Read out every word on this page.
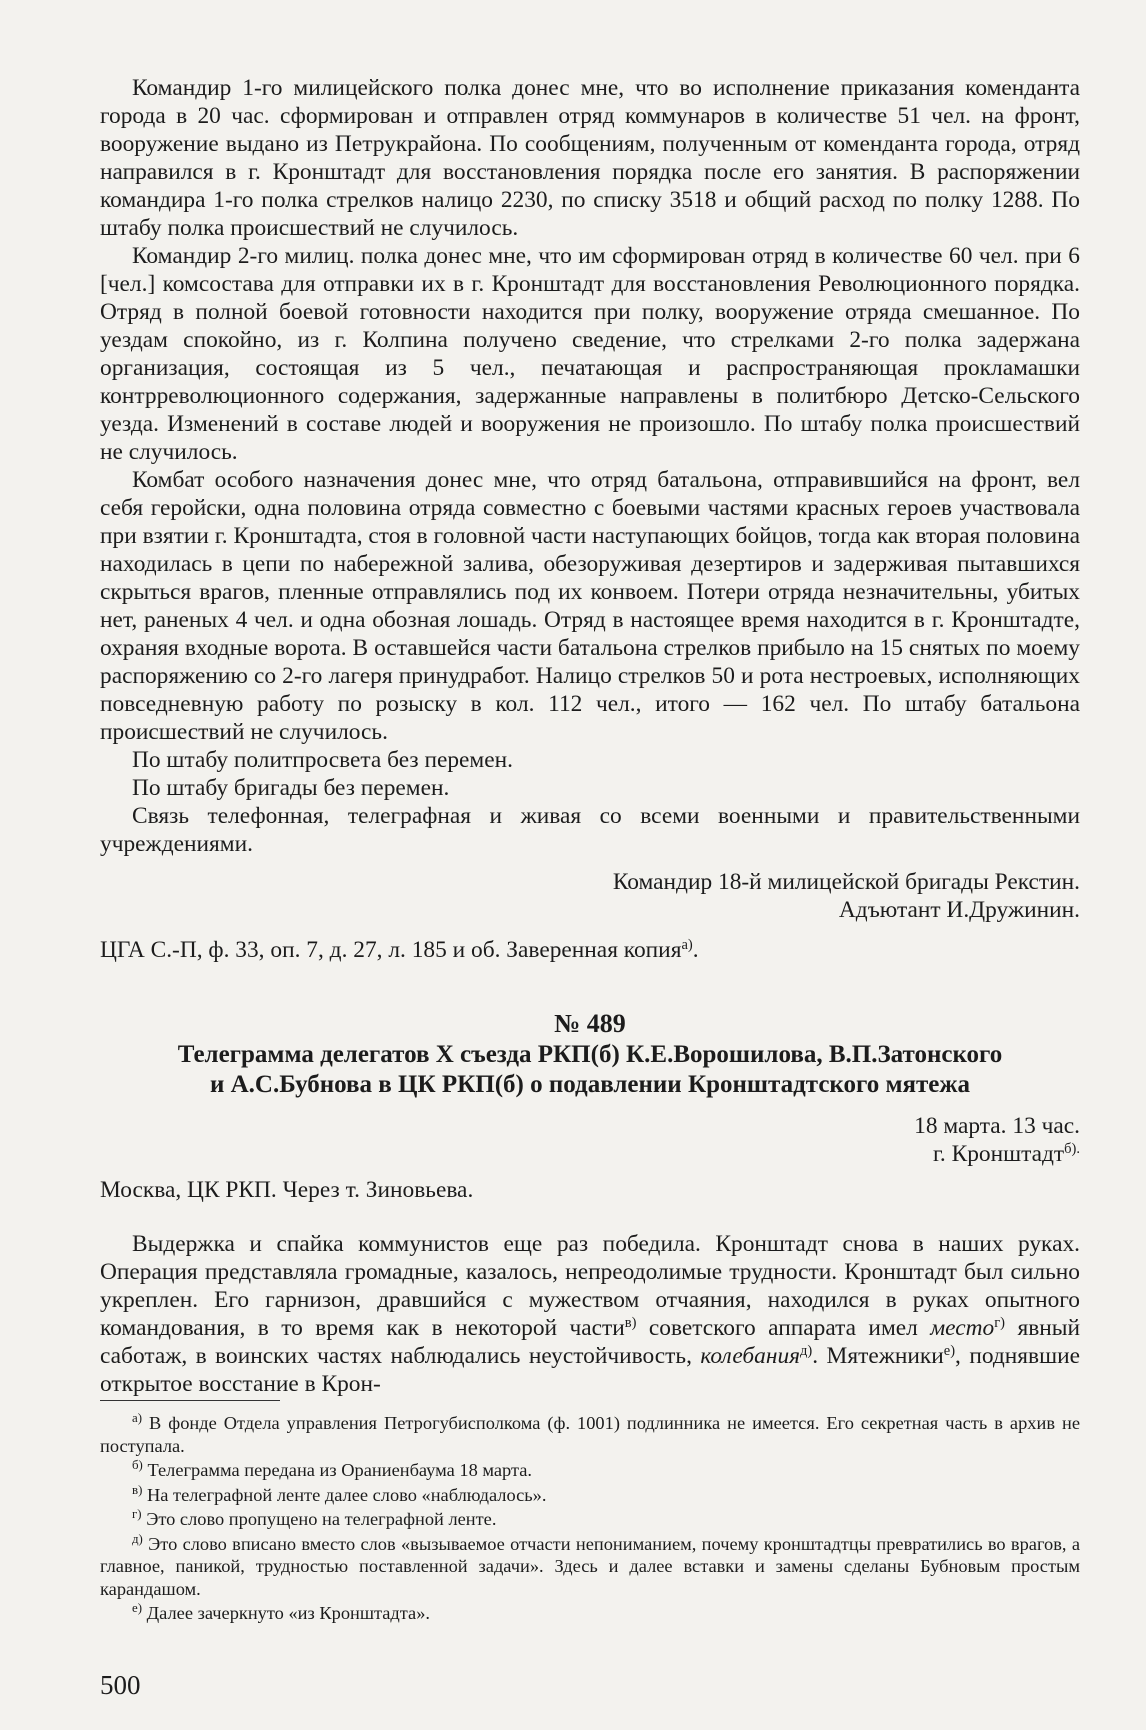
Командир 1-го милицейского полка донес мне, что во исполнение приказания коменданта города в 20 час. сформирован и отправлен отряд коммунаров в количестве 51 чел. на фронт, вооружение выдано из Петрукрайона. По сообщениям, полученным от коменданта города, отряд направился в г. Кронштадт для восстановления порядка после его занятия. В распоряжении командира 1-го полка стрелков налицо 2230, по списку 3518 и общий расход по полку 1288. По штабу полка происшествий не случилось.

Командир 2-го милиц. полка донес мне, что им сформирован отряд в количестве 60 чел. при 6 [чел.] комсостава для отправки их в г. Кронштадт для восстановления Революционного порядка. Отряд в полной боевой готовности находится при полку, вооружение отряда смешанное. По уездам спокойно, из г. Колпина получено сведение, что стрелками 2-го полка задержана организация, состоящая из 5 чел., печатающая и распространяющая прокламашки контрреволюционного содержания, задержанные направлены в политбюро Детско-Сельского уезда. Изменений в составе людей и вооружения не произошло. По штабу полка происшествий не случилось.

Комбат особого назначения донес мне, что отряд батальона, отправившийся на фронт, вел себя геройски, одна половина отряда совместно с боевыми частями красных героев участвовала при взятии г. Кронштадта, стоя в головной части наступающих бойцов, тогда как вторая половина находилась в цепи по набережной залива, обезоруживая дезертиров и задерживая пытавшихся скрыться врагов, пленные отправлялись под их конвоем. Потери отряда незначительны, убитых нет, раненых 4 чел. и одна обозная лошадь. Отряд в настоящее время находится в г. Кронштадте, охраняя входные ворота. В оставшейся части батальона стрелков прибыло на 15 снятых по моему распоряжению со 2-го лагеря принудработ. Налицо стрелков 50 и рота нестроевых, исполняющих повседневную работу по розыску в кол. 112 чел., итого — 162 чел. По штабу батальона происшествий не случилось.

По штабу политпросвета без перемен.

По штабу бригады без перемен.

Связь телефонная, телеграфная и живая со всеми военными и правительственными учреждениями.

Командир 18-й милицейской бригады Рекстин.

Адъютант И.Дружинин.

ЦГА С.-П, ф. 33, оп. 7, д. 27, л. 185 и об. Заверенная копия$^{а)}$.

№ 489
Телеграмма делегатов X съезда РКП(б) К.Е.Ворошилова, В.П.Затонского
и А.С.Бубнова в ЦК РКП(б) о подавлении Кронштадтского мятежа
18 марта. 13 час.
г. Кронштадт$^{б).}$

Москва, ЦК РКП. Через т. Зиновьева.

Выдержка и спайка коммунистов еще раз победила. Кронштадт снова в наших руках. Операция представляла громадные, казалось, непреодолимые трудности. Кронштадт был сильно укреплен. Его гарнизон, дравшийся с мужеством отчаяния, находился в руках опытного командования, в то время как в некоторой части$^{в)}$ советского аппарата имел место$^{г)}$ явный саботаж, в воинских частях наблюдались неустойчивость, колебания$^{д)}$. Мятежники$^{е)}$, поднявшие открытое восстание в Крон-

$^{а)}$ В фонде Отдела управления Петрогубисполкома (ф. 1001) подлинника не имеется. Его секретная часть в архив не поступала.

$^{б)}$ Телеграмма передана из Ораниенбаума 18 марта.

$^{в)}$ На телеграфной ленте далее слово «наблюдалось».

$^{г)}$ Это слово пропущено на телеграфной ленте.

$^{д)}$ Это слово вписано вместо слов «вызываемое отчасти непониманием, почему кронштадтцы превратились во врагов, а главное, паникой, трудностью поставленной задачи». Здесь и далее вставки и замены сделаны Бубновым простым карандашом.

$^{е)}$ Далее зачеркнуто «из Кронштадта».

500
